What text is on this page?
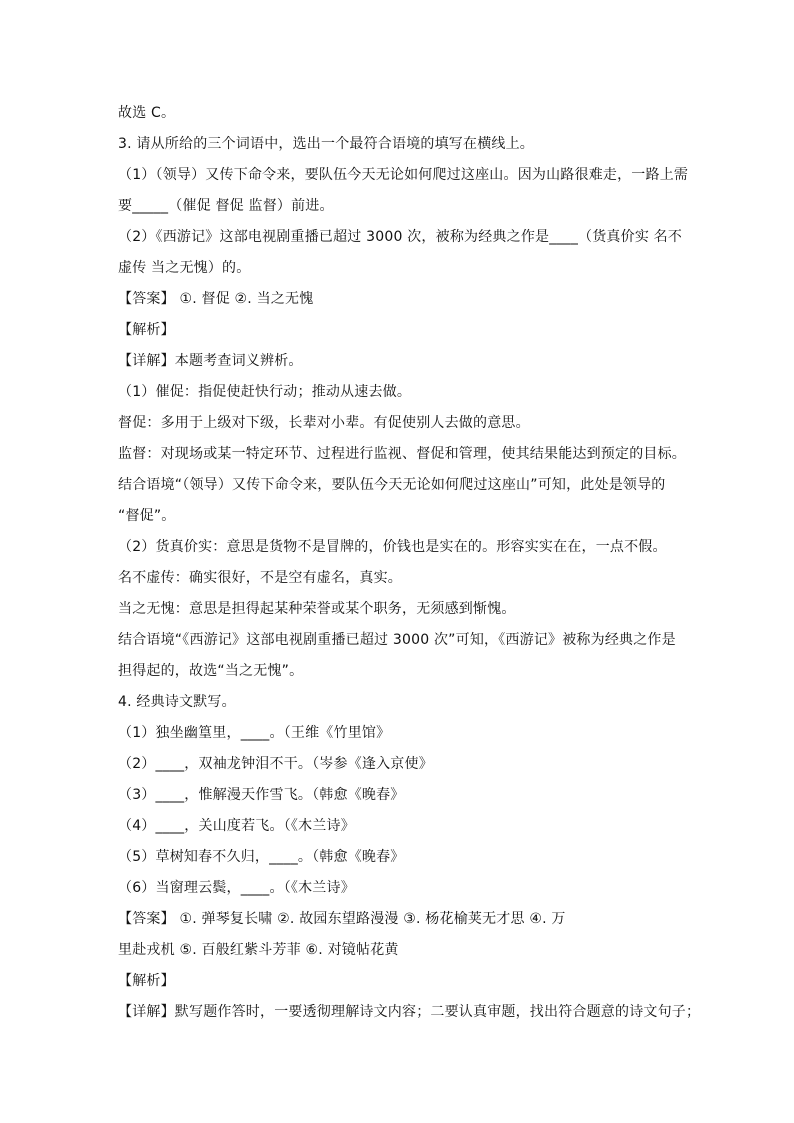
故选 C。
3. 请从所给的三个词语中，选出一个最符合语境的填写在横线上。
（1）（领导）又传下命令来，要队伍今天无论如何爬过这座山。因为山路很难走，一路上需
要_____（催促 督促 监督）前进。
（2）《西游记》这部电视剧重播已超过 3000 次，被称为经典之作是____（货真价实 名不
虚传 当之无愧）的。
【答案】 ①. 督促 ②. 当之无愧
【解析】
【详解】本题考查词义辨析。
（1）催促：指促使赶快行动；推动从速去做。
督促：多用于上级对下级，长辈对小辈。有促使别人去做的意思。
监督：对现场或某一特定环节、过程进行监视、督促和管理，使其结果能达到预定的目标。
结合语境“（领导）又传下命令来，要队伍今天无论如何爬过这座山”可知，此处是领导的
“督促”。
（2）货真价实：意思是货物不是冒牌的，价钱也是实在的。形容实实在在，一点不假。
名不虚传：确实很好，不是空有虚名，真实。
当之无愧：意思是担得起某种荣誉或某个职务，无须感到惭愧。
结合语境“《西游记》这部电视剧重播已超过 3000 次”可知，《西游记》被称为经典之作是
担得起的，故选“当之无愧”。
4. 经典诗文默写。
（1）独坐幽篁里，____。（王维《竹里馆》
（2）____，双袖龙钟泪不干。（岑参《逢入京使》
（3）____，惟解漫天作雪飞。（韩愈《晚春》
（4）____，关山度若飞。（《木兰诗》
（5）草树知春不久归，____。（韩愈《晚春》
（6）当窗理云鬓，____。（《木兰诗》
【答案】 ①. 弹琴复长啸 ②. 故园东望路漫漫 ③. 杨花榆荚无才思 ④. 万
里赴戎机 ⑤. 百般红紫斗芳菲 ⑥. 对镜帖花黄
【解析】
【详解】默写题作答时，一要透彻理解诗文内容；二要认真审题，找出符合题意的诗文句子；
